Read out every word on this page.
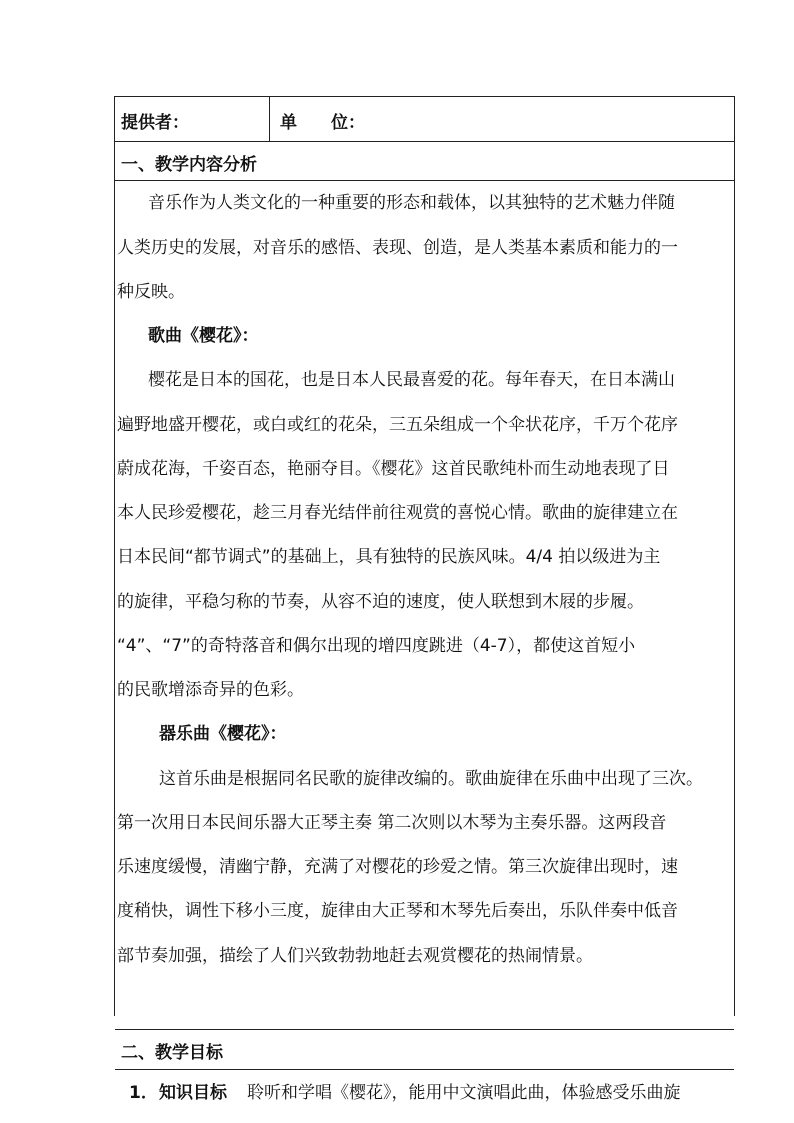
提供者：	单　　位：
一、教学内容分析
音乐作为人类文化的一种重要的形态和载体，以其独特的艺术魅力伴随
人类历史的发展，对音乐的感悟、表现、创造，是人类基本素质和能力的一
种反映。
歌曲《樱花》：
樱花是日本的国花，也是日本人民最喜爱的花。每年春天，在日本满山
遍野地盛开樱花，或白或红的花朵，三五朵组成一个伞状花序，千万个花序
蔚成花海，千姿百态，艳丽夺目。《樱花》这首民歌纯朴而生动地表现了日
本人民珍爱樱花，趁三月春光结伴前往观赏的喜悦心情。歌曲的旋律建立在
日本民间“都节调式”的基础上，具有独特的民族风味。4/4 拍以级进为主
的旋律，平稳匀称的节奏，从容不迫的速度，使人联想到木屐的步履。
“4”、“7”的奇特落音和偶尔出现的增四度跳进（4-7），都使这首短小
的民歌增添奇异的色彩。
器乐曲《樱花》：
这首乐曲是根据同名民歌的旋律改编的。歌曲旋律在乐曲中出现了三次。
第一次用日本民间乐器大正琴主奏 第二次则以木琴为主奏乐器。这两段音
乐速度缓慢，清幽宁静，充满了对樱花的珍爱之情。第三次旋律出现时，速
度稍快，调性下移小三度，旋律由大正琴和木琴先后奏出，乐队伴奏中低音
部节奏加强，描绘了人们兴致勃勃地赶去观赏樱花的热闹情景。
二、教学目标
1． 知识目标 聆听和学唱《樱花》，能用中文演唱此曲，体验感受乐曲旋
